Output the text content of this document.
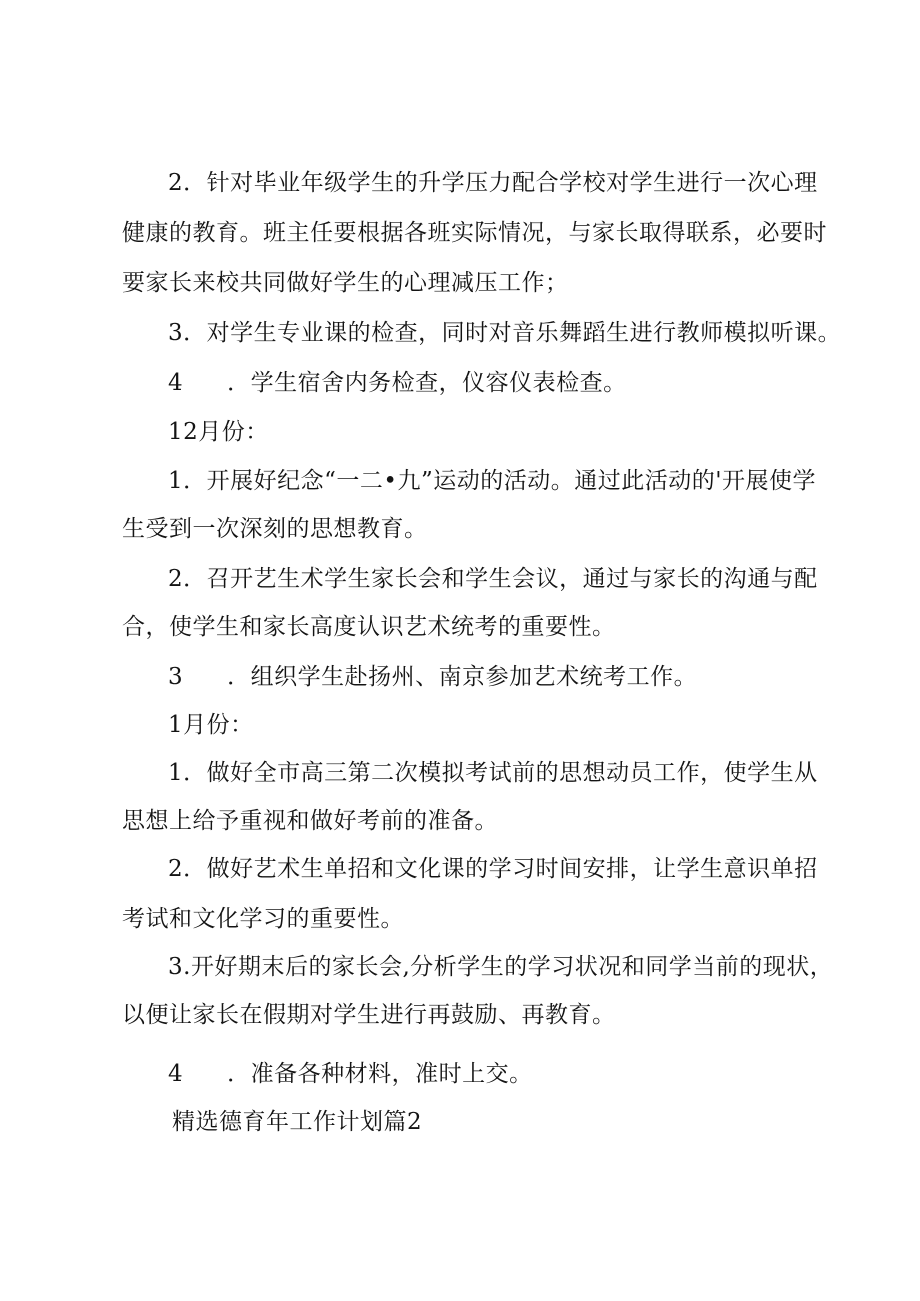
2．针对毕业年级学生的升学压力配合学校对学生进行一次心理
健康的教育。班主任要根据各班实际情况，与家长取得联系，必要时
要家长来校共同做好学生的心理减压工作；
3．对学生专业课的检查，同时对音乐舞蹈生进行教师模拟听课。
4 ．学生宿舍内务检查，仪容仪表检查。
12月份：
1．开展好纪念“一二•九”运动的活动。通过此活动的'开展使学
生受到一次深刻的思想教育。
2．召开艺生术学生家长会和学生会议，通过与家长的沟通与配
合，使学生和家长高度认识艺术统考的重要性。
3 ．组织学生赴扬州、南京参加艺术统考工作。
1月份：
1．做好全市高三第二次模拟考试前的思想动员工作，使学生从
思想上给予重视和做好考前的准备。
2．做好艺术生单招和文化课的学习时间安排，让学生意识单招
考试和文化学习的重要性。
3.开好期末后的家长会,分析学生的学习状况和同学当前的现状，
以便让家长在假期对学生进行再鼓励、再教育。
4 ．准备各种材料，准时上交。
精选德育年工作计划篇2
